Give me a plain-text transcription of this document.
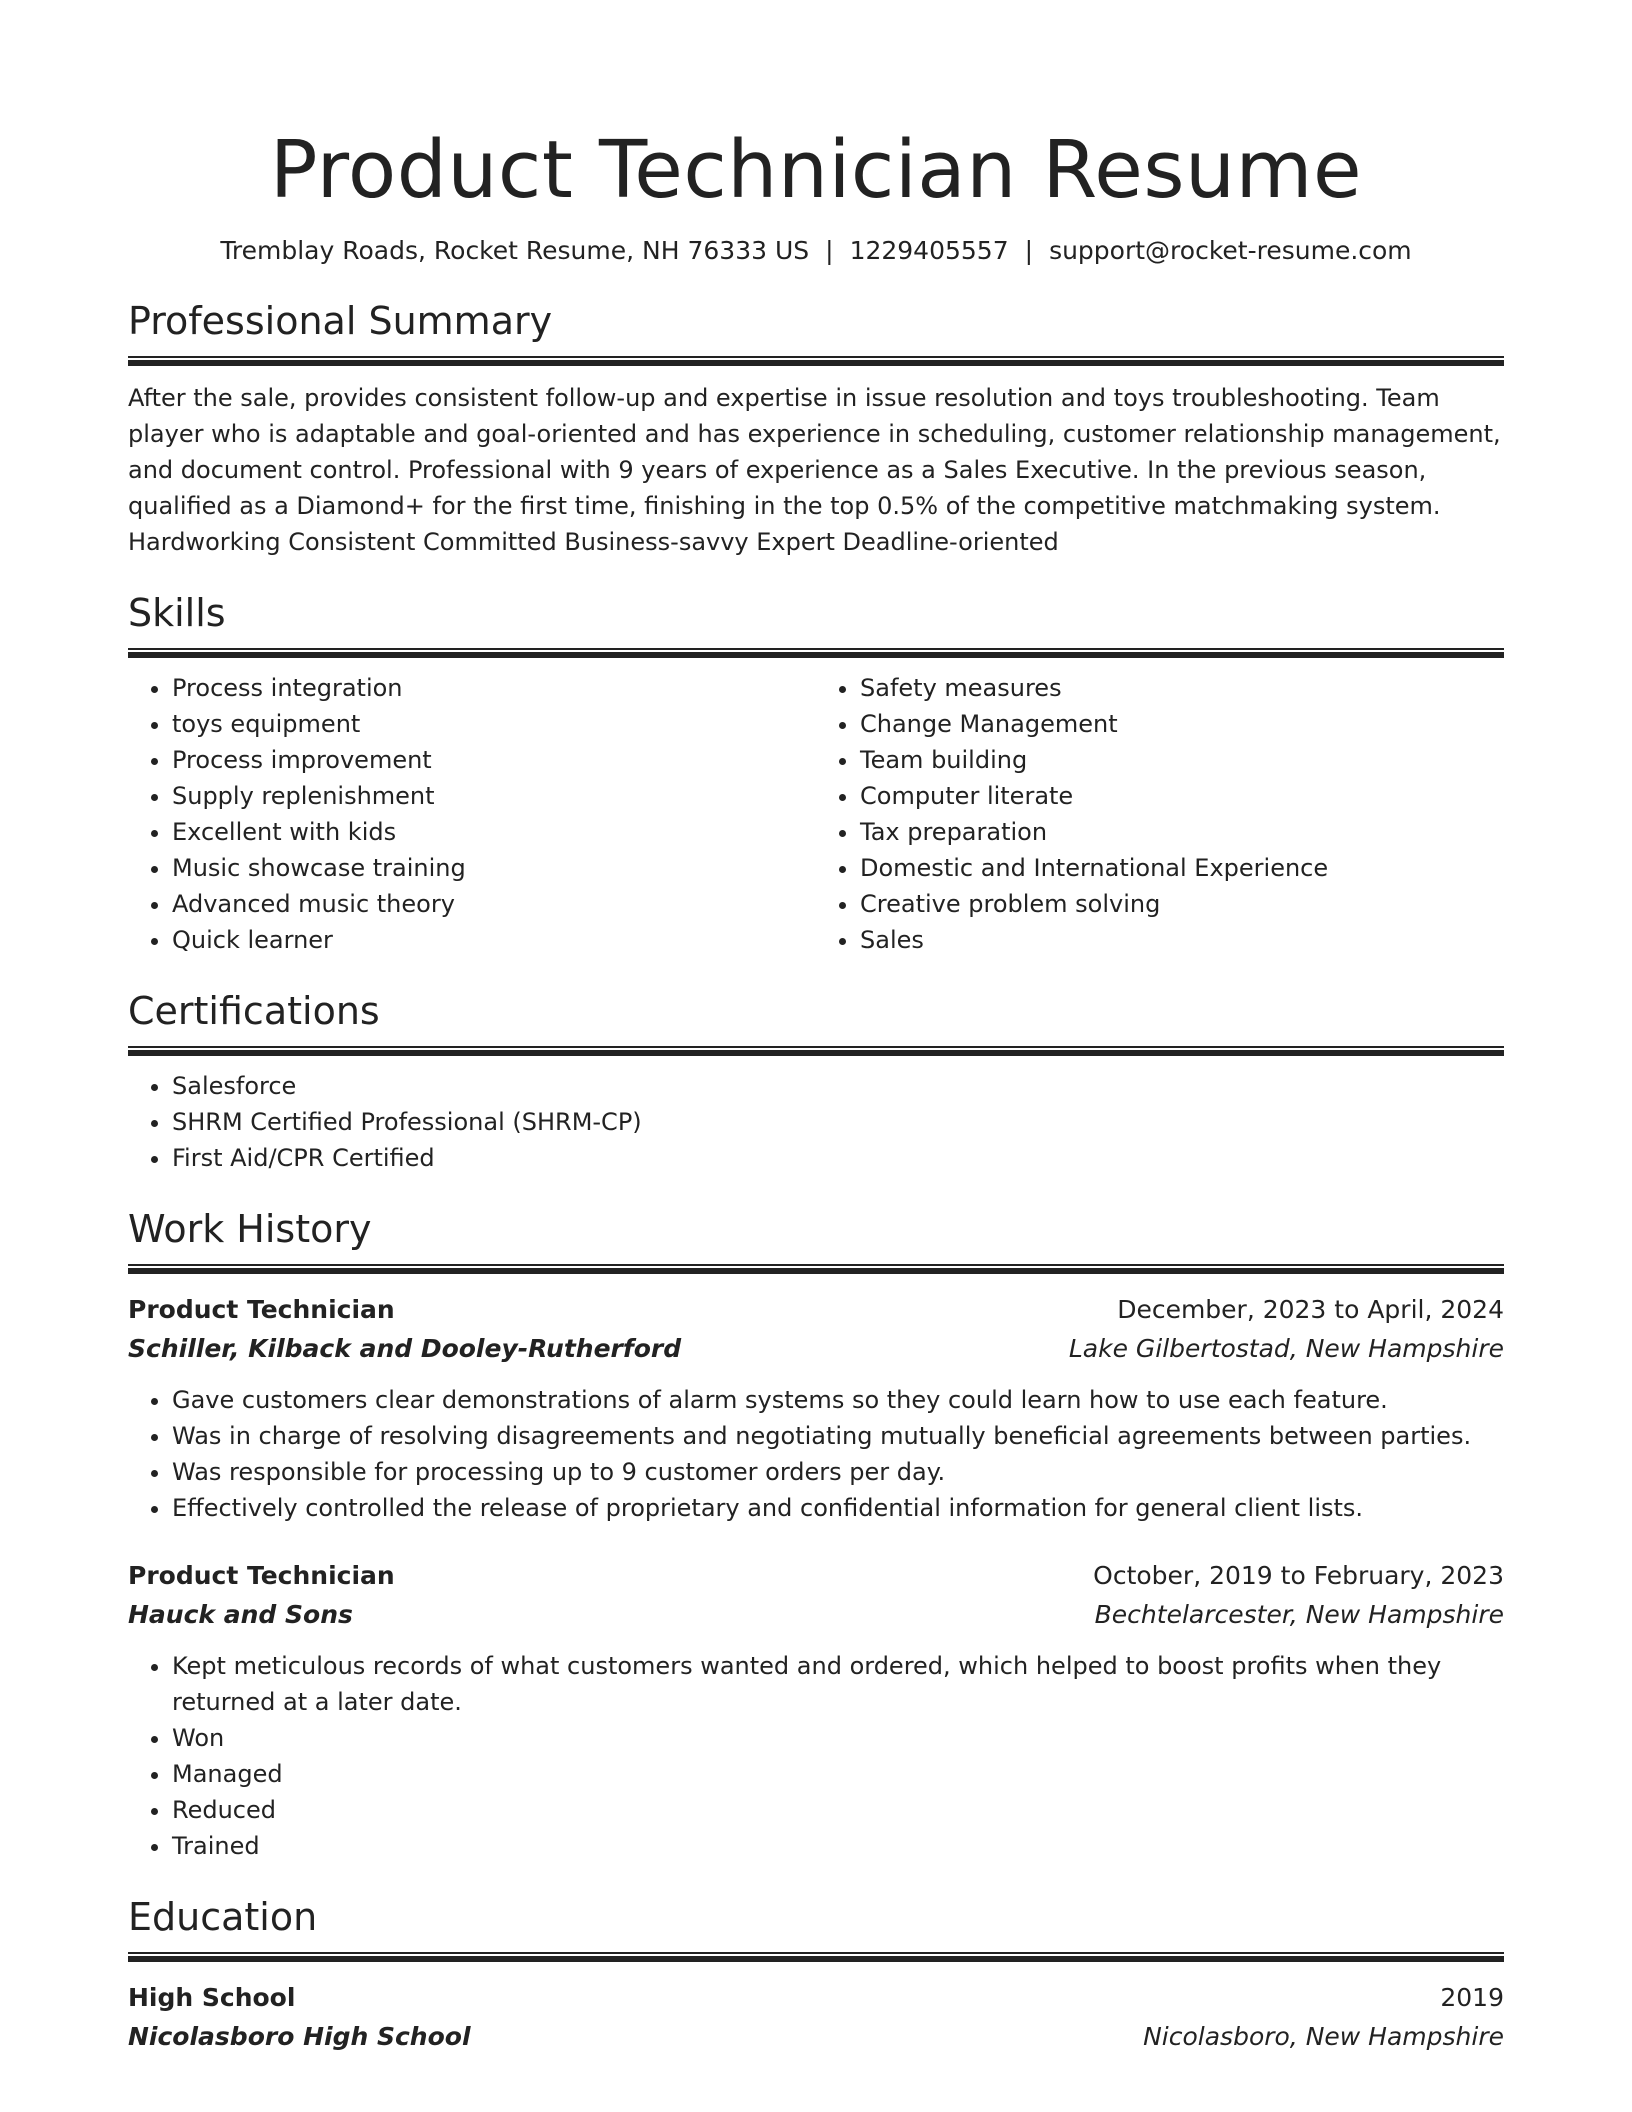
Product Technician Resume
Tremblay Roads, Rocket Resume, NH 76333 US | 1229405557 | support@rocket-resume.com
Professional Summary

After the sale, provides consistent follow-up and expertise in issue resolution and toys troubleshooting. Team player who is adaptable and goal-oriented and has experience in scheduling, customer relationship management, and document control. Professional with 9 years of experience as a Sales Executive. In the previous season, qualified as a Diamond+ for the first time, finishing in the top 0.5% of the competitive matchmaking system. Hardworking Consistent Committed Business-savvy Expert Deadline-oriented

Skills
• Process integration
• toys equipment
• Process improvement
• Supply replenishment
• Excellent with kids
• Music showcase training
• Advanced music theory
• Quick learner
• Safety measures
• Change Management
• Team building
• Computer literate
• Tax preparation
• Domestic and International Experience
• Creative problem solving
• Sales
Certifications
• Salesforce
• SHRM Certified Professional (SHRM-CP)
• First Aid/CPR Certified
Work History
Product Technician	December, 2023 to April, 2024
Schiller, Kilback and Dooley-Rutherford	Lake Gilbertostad, New Hampshire
• Gave customers clear demonstrations of alarm systems so they could learn how to use each feature.
• Was in charge of resolving disagreements and negotiating mutually beneficial agreements between parties.
• Was responsible for processing up to 9 customer orders per day.
• Effectively controlled the release of proprietary and confidential information for general client lists.
Product Technician	October, 2019 to February, 2023
Hauck and Sons	Bechtelarcester, New Hampshire
• Kept meticulous records of what customers wanted and ordered, which helped to boost profits when they returned at a later date.
• Won
• Managed
• Reduced
• Trained
Education
High School	2019
Nicolasboro High School	Nicolasboro, New Hampshire
